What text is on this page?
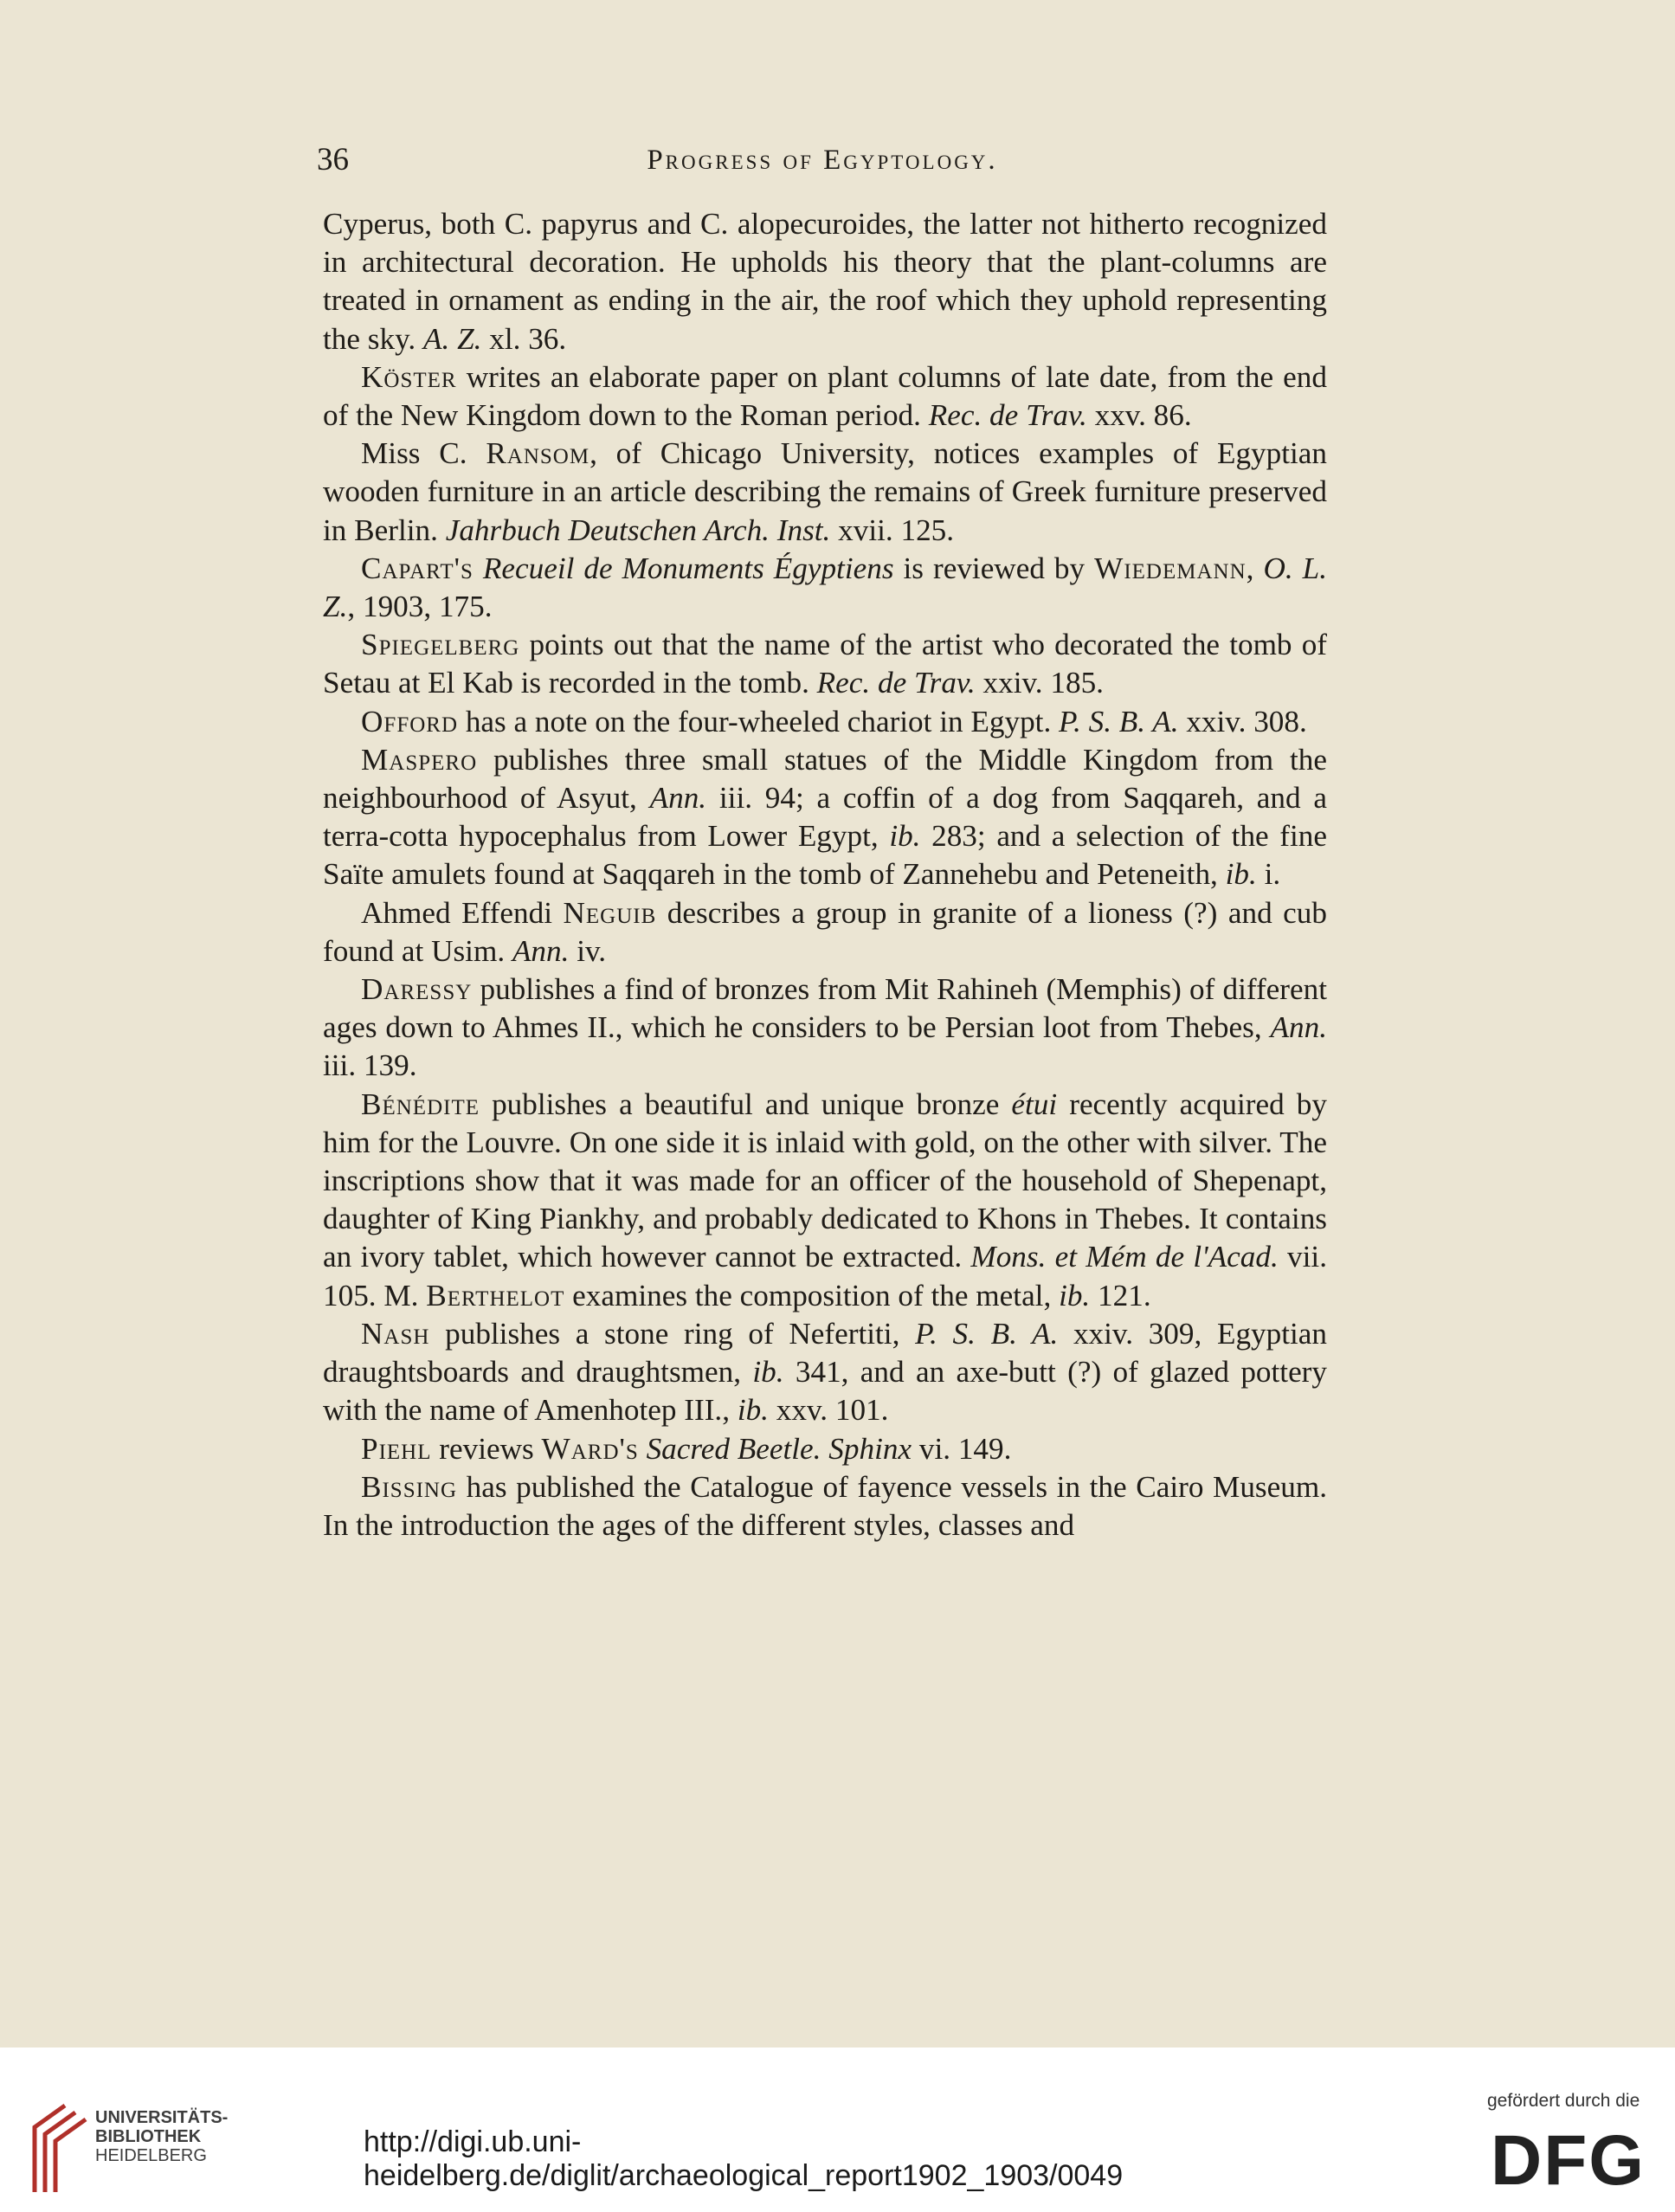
36	Progress of Egyptology.

Cyperus, both C. papyrus and C. alopecuroides, the latter not hitherto recognized in architectural decoration. He upholds his theory that the plant-columns are treated in ornament as ending in the air, the roof which they uphold representing the sky. A. Z. xl. 36.

Köster writes an elaborate paper on plant columns of late date, from the end of the New Kingdom down to the Roman period. Rec. de Trav. xxv. 86.

Miss C. Ransom, of Chicago University, notices examples of Egyptian wooden furniture in an article describing the remains of Greek furniture preserved in Berlin. Jahrbuch Deutschen Arch. Inst. xvii. 125.

Capart's Recueil de Monuments Égyptiens is reviewed by Wiedemann, O. L. Z., 1903, 175.

Spiegelberg points out that the name of the artist who decorated the tomb of Setau at El Kab is recorded in the tomb. Rec. de Trav. xxiv. 185.

Offord has a note on the four-wheeled chariot in Egypt. P. S. B. A. xxiv. 308.

Maspero publishes three small statues of the Middle Kingdom from the neighbourhood of Asyut, Ann. iii. 94; a coffin of a dog from Saqqareh, and a terra-cotta hypocephalus from Lower Egypt, ib. 283; and a selection of the fine Saïte amulets found at Saqqareh in the tomb of Zannehebu and Peteneith, ib. i.

Ahmed Effendi Neguib describes a group in granite of a lioness (?) and cub found at Usim. Ann. iv.

Daressy publishes a find of bronzes from Mit Rahineh (Memphis) of different ages down to Ahmes II., which he considers to be Persian loot from Thebes, Ann. iii. 139.

Bénédite publishes a beautiful and unique bronze étui recently acquired by him for the Louvre. On one side it is inlaid with gold, on the other with silver. The inscriptions show that it was made for an officer of the household of Shepenapt, daughter of King Piankhy, and probably dedicated to Khons in Thebes. It contains an ivory tablet, which however cannot be extracted. Mons. et Mém de l'Acad. vii. 105. M. Berthelot examines the composition of the metal, ib. 121.

Nash publishes a stone ring of Nefertiti, P. S. B. A. xxiv. 309, Egyptian draughtsboards and draughtsmen, ib. 341, and an axe-butt (?) of glazed pottery with the name of Amenhotep III., ib. xxv. 101.

Piehl reviews Ward's Sacred Beetle. Sphinx vi. 149.

Bissing has published the Catalogue of fayence vessels in the Cairo Museum. In the introduction the ages of the different styles, classes and

UNIVERSITÄTS-
BIBLIOTHEK
HEIDELBERG	http://digi.ub.uni-heidelberg.de/diglit/archaeological_report1902_1903/0049
gefördert durch die
DFG
